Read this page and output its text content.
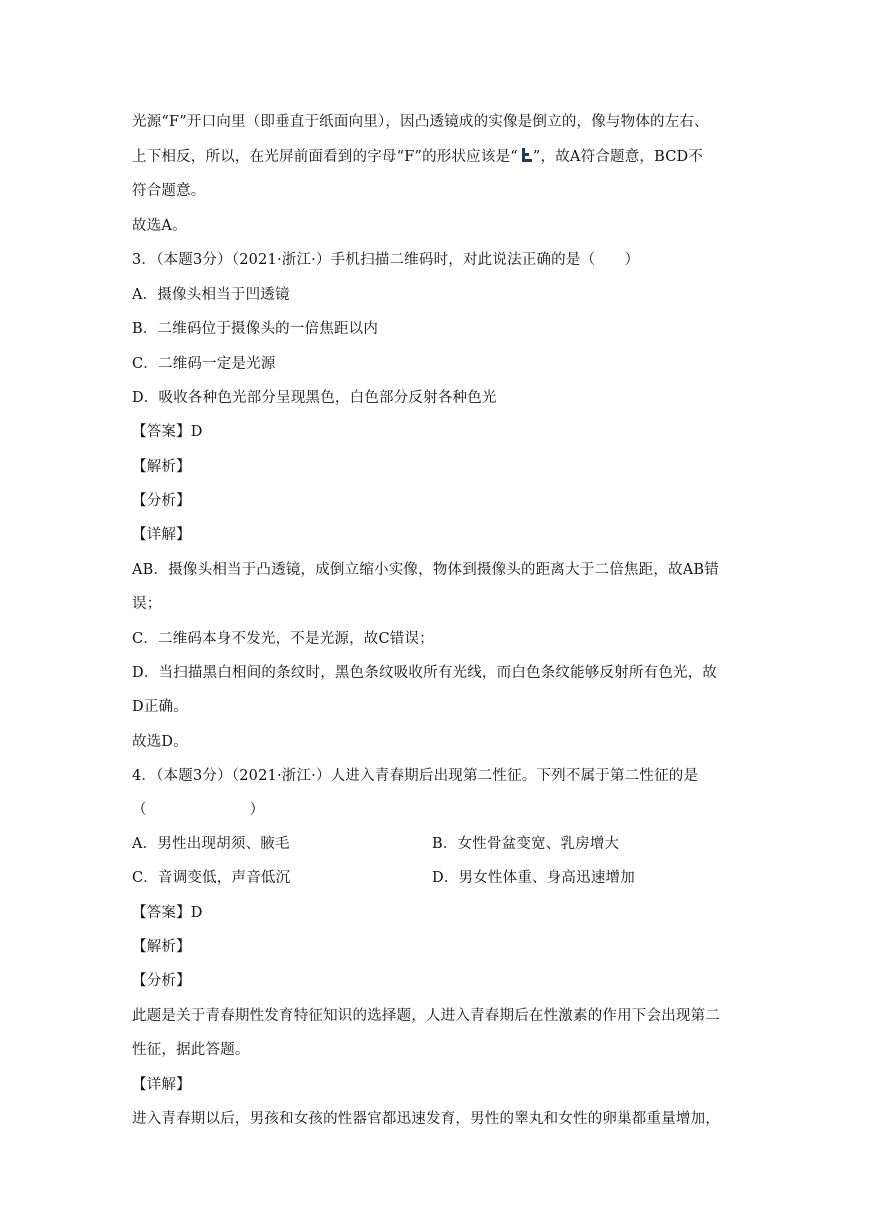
光源“F”开口向里（即垂直于纸面向里），因凸透镜成的实像是倒立的，像与物体的左右、
上下相反，所以，在光屏前面看到的字母“F”的形状应该是“ ”，故A符合题意，BCD不
符合题意。
故选A。
3．（本题3分）（2021·浙江·）手机扫描二维码时，对此说法正确的是（　　）
A．摄像头相当于凹透镜
B．二维码位于摄像头的一倍焦距以内
C．二维码一定是光源
D．吸收各种色光部分呈现黑色，白色部分反射各种色光
【答案】D
【解析】
【分析】
【详解】
AB．摄像头相当于凸透镜，成倒立缩小实像，物体到摄像头的距离大于二倍焦距，故AB错
误；
C．二维码本身不发光，不是光源，故C错误；
D．当扫描黑白相间的条纹时，黑色条纹吸收所有光线，而白色条纹能够反射所有色光，故
D正确。
故选D。
4．（本题3分）（2021·浙江·）人进入青春期后出现第二性征。下列不属于第二性征的是
（　　　　　　　）
A．男性出现胡须、腋毛	B．女性骨盆变宽、乳房增大
C．音调变低，声音低沉	D．男女性体重、身高迅速增加
【答案】D
【解析】
【分析】
此题是关于青春期性发育特征知识的选择题，人进入青春期后在性激素的作用下会出现第二
性征，据此答题。
【详解】
进入青春期以后，男孩和女孩的性器官都迅速发育，男性的睾丸和女性的卵巢都重量增加，
